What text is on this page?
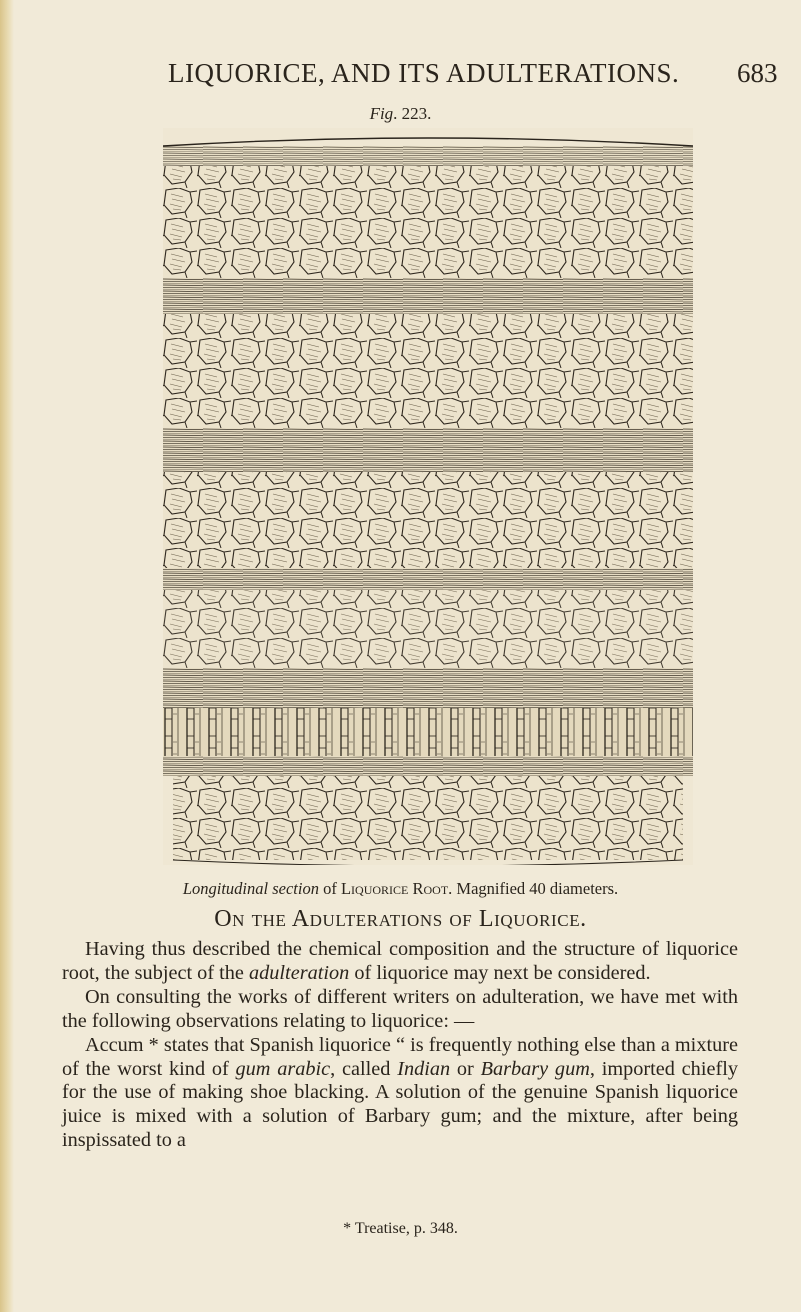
LIQUORICE, AND ITS ADULTERATIONS. 683
Fig. 223.
Longitudinal section of Liquorice Root. Magnified 40 diameters.
On the Adulterations of Liquorice.

Having thus described the chemical composition and the structure of liquorice root, the subject of the adulteration of liquorice may next be considered.

On consulting the works of different writers on adulteration, we have met with the following observations relating to liquorice: —

Accum * states that Spanish liquorice “ is frequently nothing else than a mixture of the worst kind of gum arabic, called Indian or Barbary gum, imported chiefly for the use of making shoe blacking. A solution of the genuine Spanish liquorice juice is mixed with a solution of Barbary gum; and the mixture, after being inspissated to a

* Treatise, p. 348.
